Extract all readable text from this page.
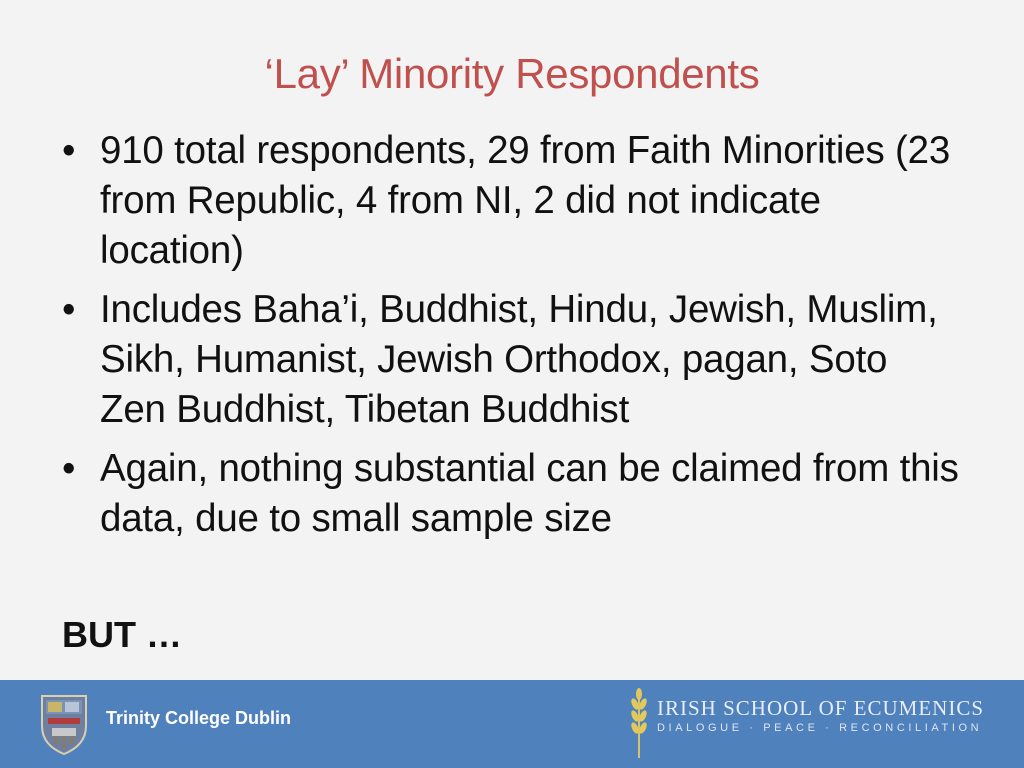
‘Lay’ Minority Respondents
• 910 total respondents, 29 from Faith Minorities (23 from Republic, 4 from NI, 2 did not indicate location)
• Includes Baha’i, Buddhist, Hindu, Jewish, Muslim, Sikh, Humanist, Jewish Orthodox, pagan, Soto Zen Buddhist, Tibetan Buddhist
• Again, nothing substantial can be claimed from this data, due to small sample size
BUT …
Trinity College Dublin	IRISH SCHOOL OF ECUMENICS
DIALOGUE · PEACE · RECONCILIATION
